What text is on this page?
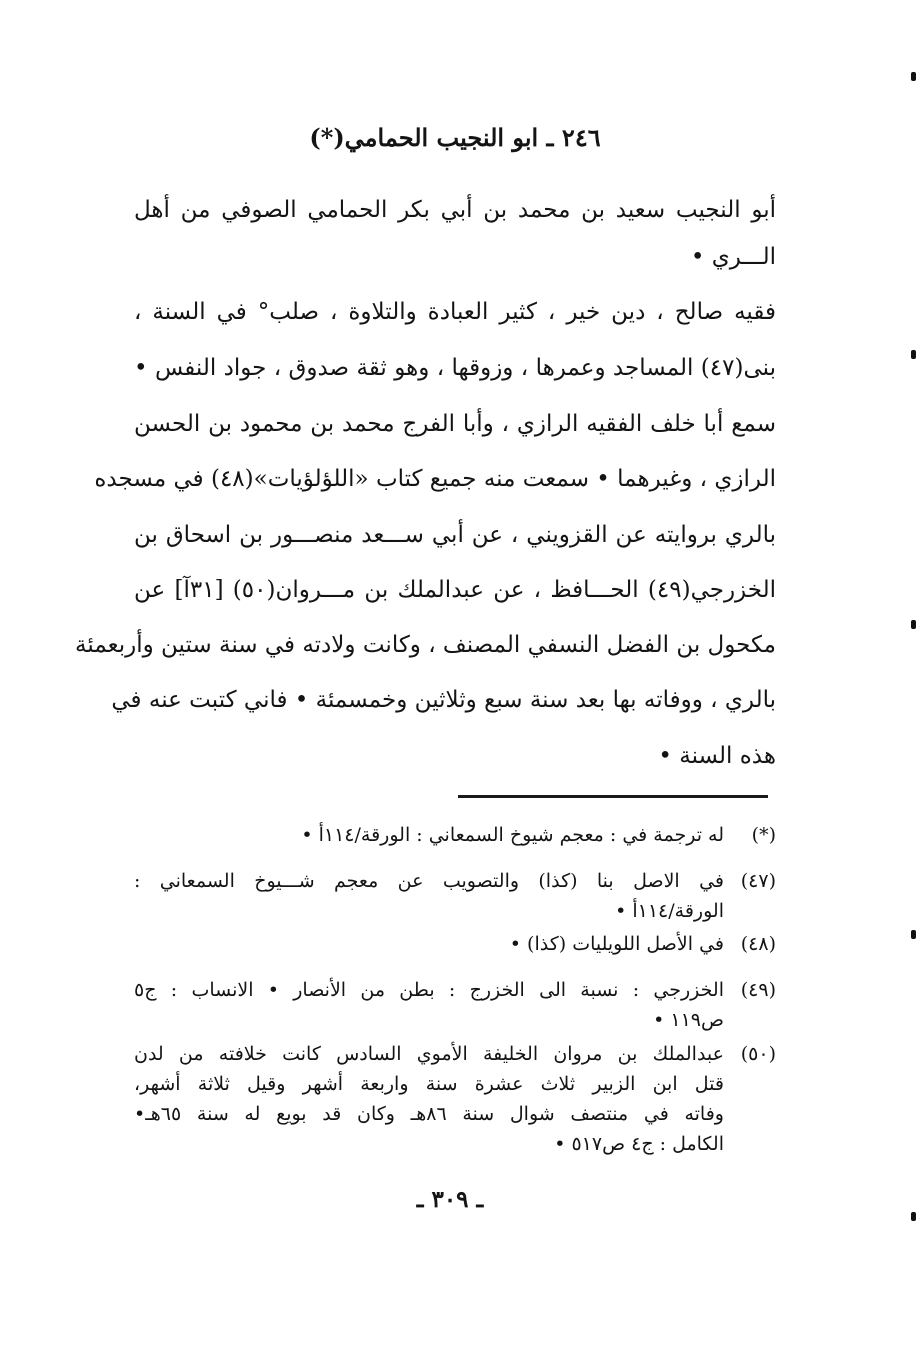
٢٤٦ ـ ابو النجيب الحمامي(*)
أبو النجيب سعيد بن محمد بن أبي بكر الحمامي الصوفي من أهل
الـــري •
فقيه صالح ، دين خير ، كثير العبادة والتلاوة ، صلب° في السنة ،
بنى(٤٧) المساجد وعمرها ، وزوقها ، وهو ثقة صدوق ، جواد النفس •
سمع أبا خلف الفقيه الرازي ، وأبا الفرج محمد بن محمود بن الحسن
الرازي ، وغيرهما • سمعت منه جميع كتاب «اللؤلؤيات»(٤٨) في مسجده
بالري بروايته عن القزويني ، عن أبي ســـعد منصـــور بن اسحاق بن
الخزرجي(٤٩) الحـــافظ ، عن عبدالملك بن مـــروان(٥٠) [٣١آ] عن
مكحول بن الفضل النسفي المصنف ، وكانت ولادته في سنة ستين وأربعمئة
بالري ، ووفاته بها بعد سنة سبع وثلاثين وخمسمئة • فاني كتبت عنه في
هذه السنة •
(*)
له ترجمة في : معجم شيوخ السمعاني : الورقة/١١٤أ •
(٤٧)
في الاصل بنا (كذا) والتصويب عن معجم شـــيوخ السمعاني :
الورقة/١١٤أ •
(٤٨)
في الأصل اللويليات (كذا) •
(٤٩)
الخزرجي : نسبة الى الخزرج : بطن من الأنصار • الانساب : ج٥
ص١١٩ •
(٥٠)
عبدالملك بن مروان الخليفة الأموي السادس كانت خلافته من لدن
قتل ابن الزبير ثلاث عشرة سنة واربعة أشهر وقيل ثلاثة أشهر،
وفاته في منتصف شوال سنة ٨٦هـ وكان قد بويع له سنة ٦٥هـ•
الكامل : ج٤ ص٥١٧ •
ـ ٣٠٩ ـ
